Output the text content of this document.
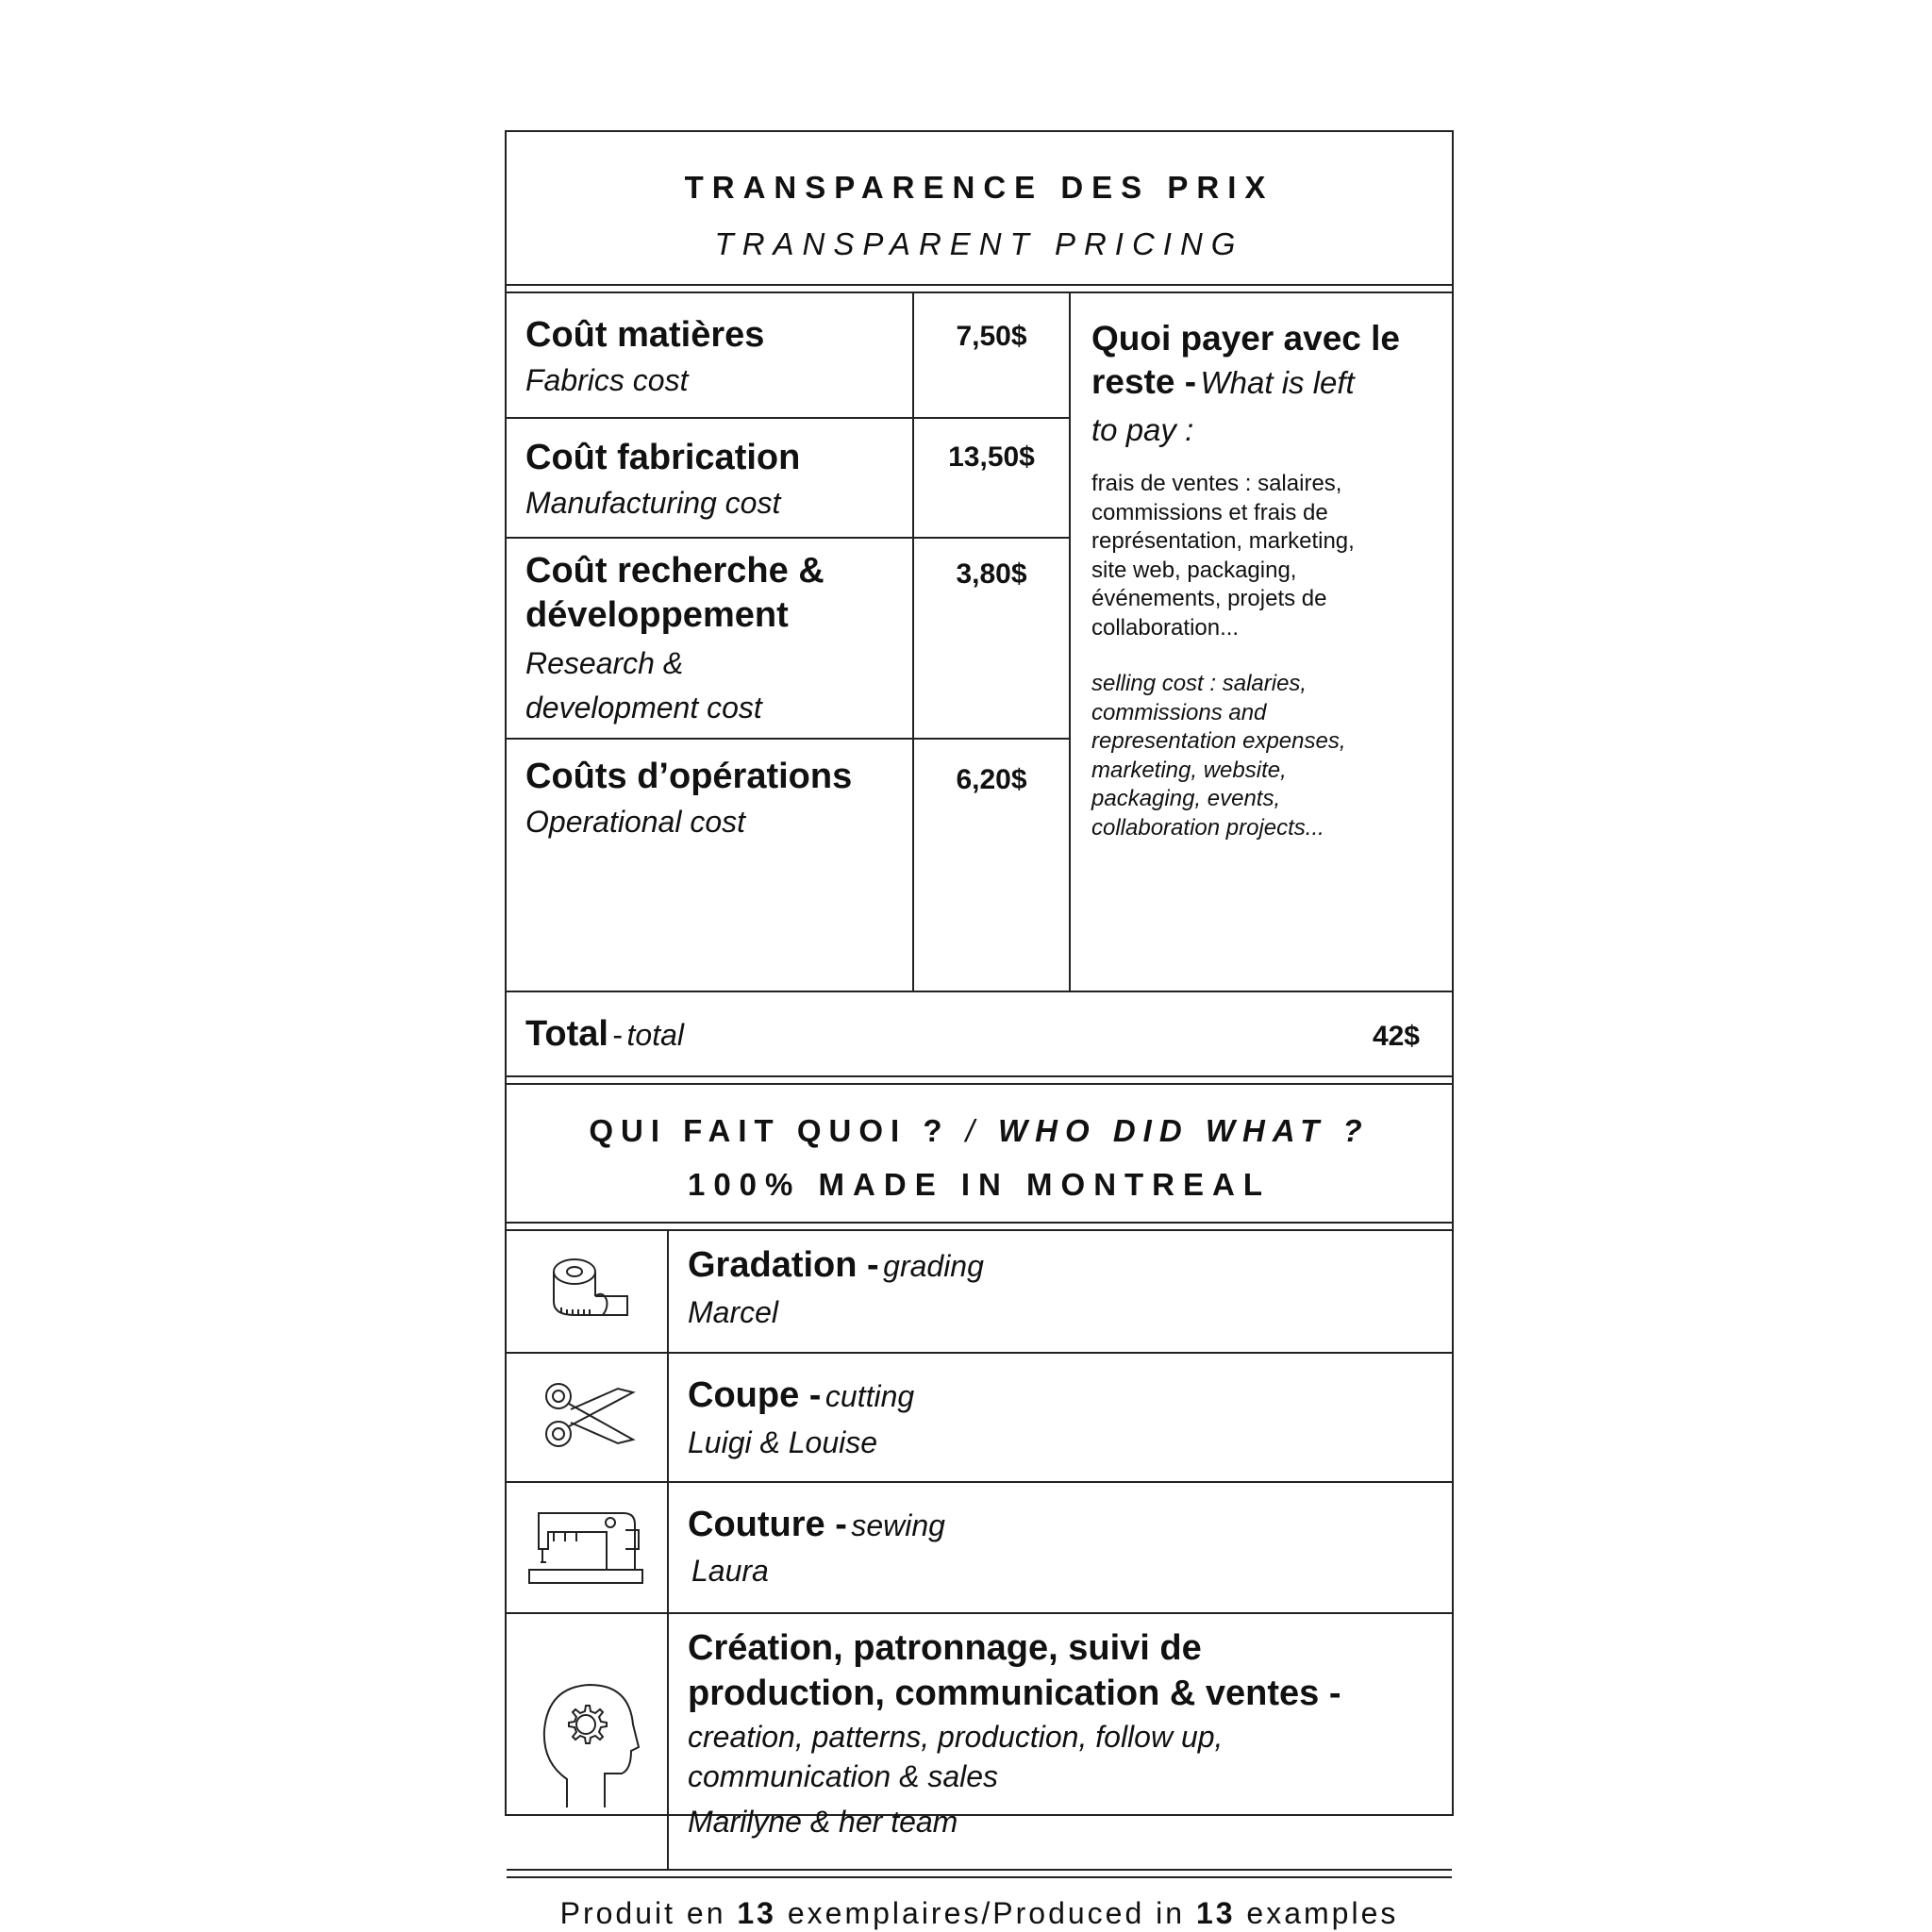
TRANSPARENCE DES PRIX
TRANSPARENT PRICING
Coût matières
Fabrics cost
7,50$
Coût fabrication
Manufacturing cost
13,50$
Coût recherche &
développement
Research &
development cost
3,80$
Coûts d’opérations
Operational cost
6,20$
Quoi payer avec le
reste - What is left
to pay :
frais de ventes : salaires,
commissions et frais de
représentation, marketing,
site web, packaging,
événements, projets de
collaboration...
selling cost : salaries,
commissions and
representation expenses,
marketing, website,
packaging, events,
collaboration projects...
Total - total	42$
QUI FAIT QUOI ? / WHO DID WHAT ?
100% MADE IN MONTREAL
Gradation - grading
Marcel
Coupe - cutting
Luigi & Louise
Couture - sewing
Laura
Création, patronnage, suivi de
production, communication & ventes -
creation, patterns, production, follow up,
communication & sales
Marilyne & her team
Produit en 13 exemplaires/Produced in 13 examples
